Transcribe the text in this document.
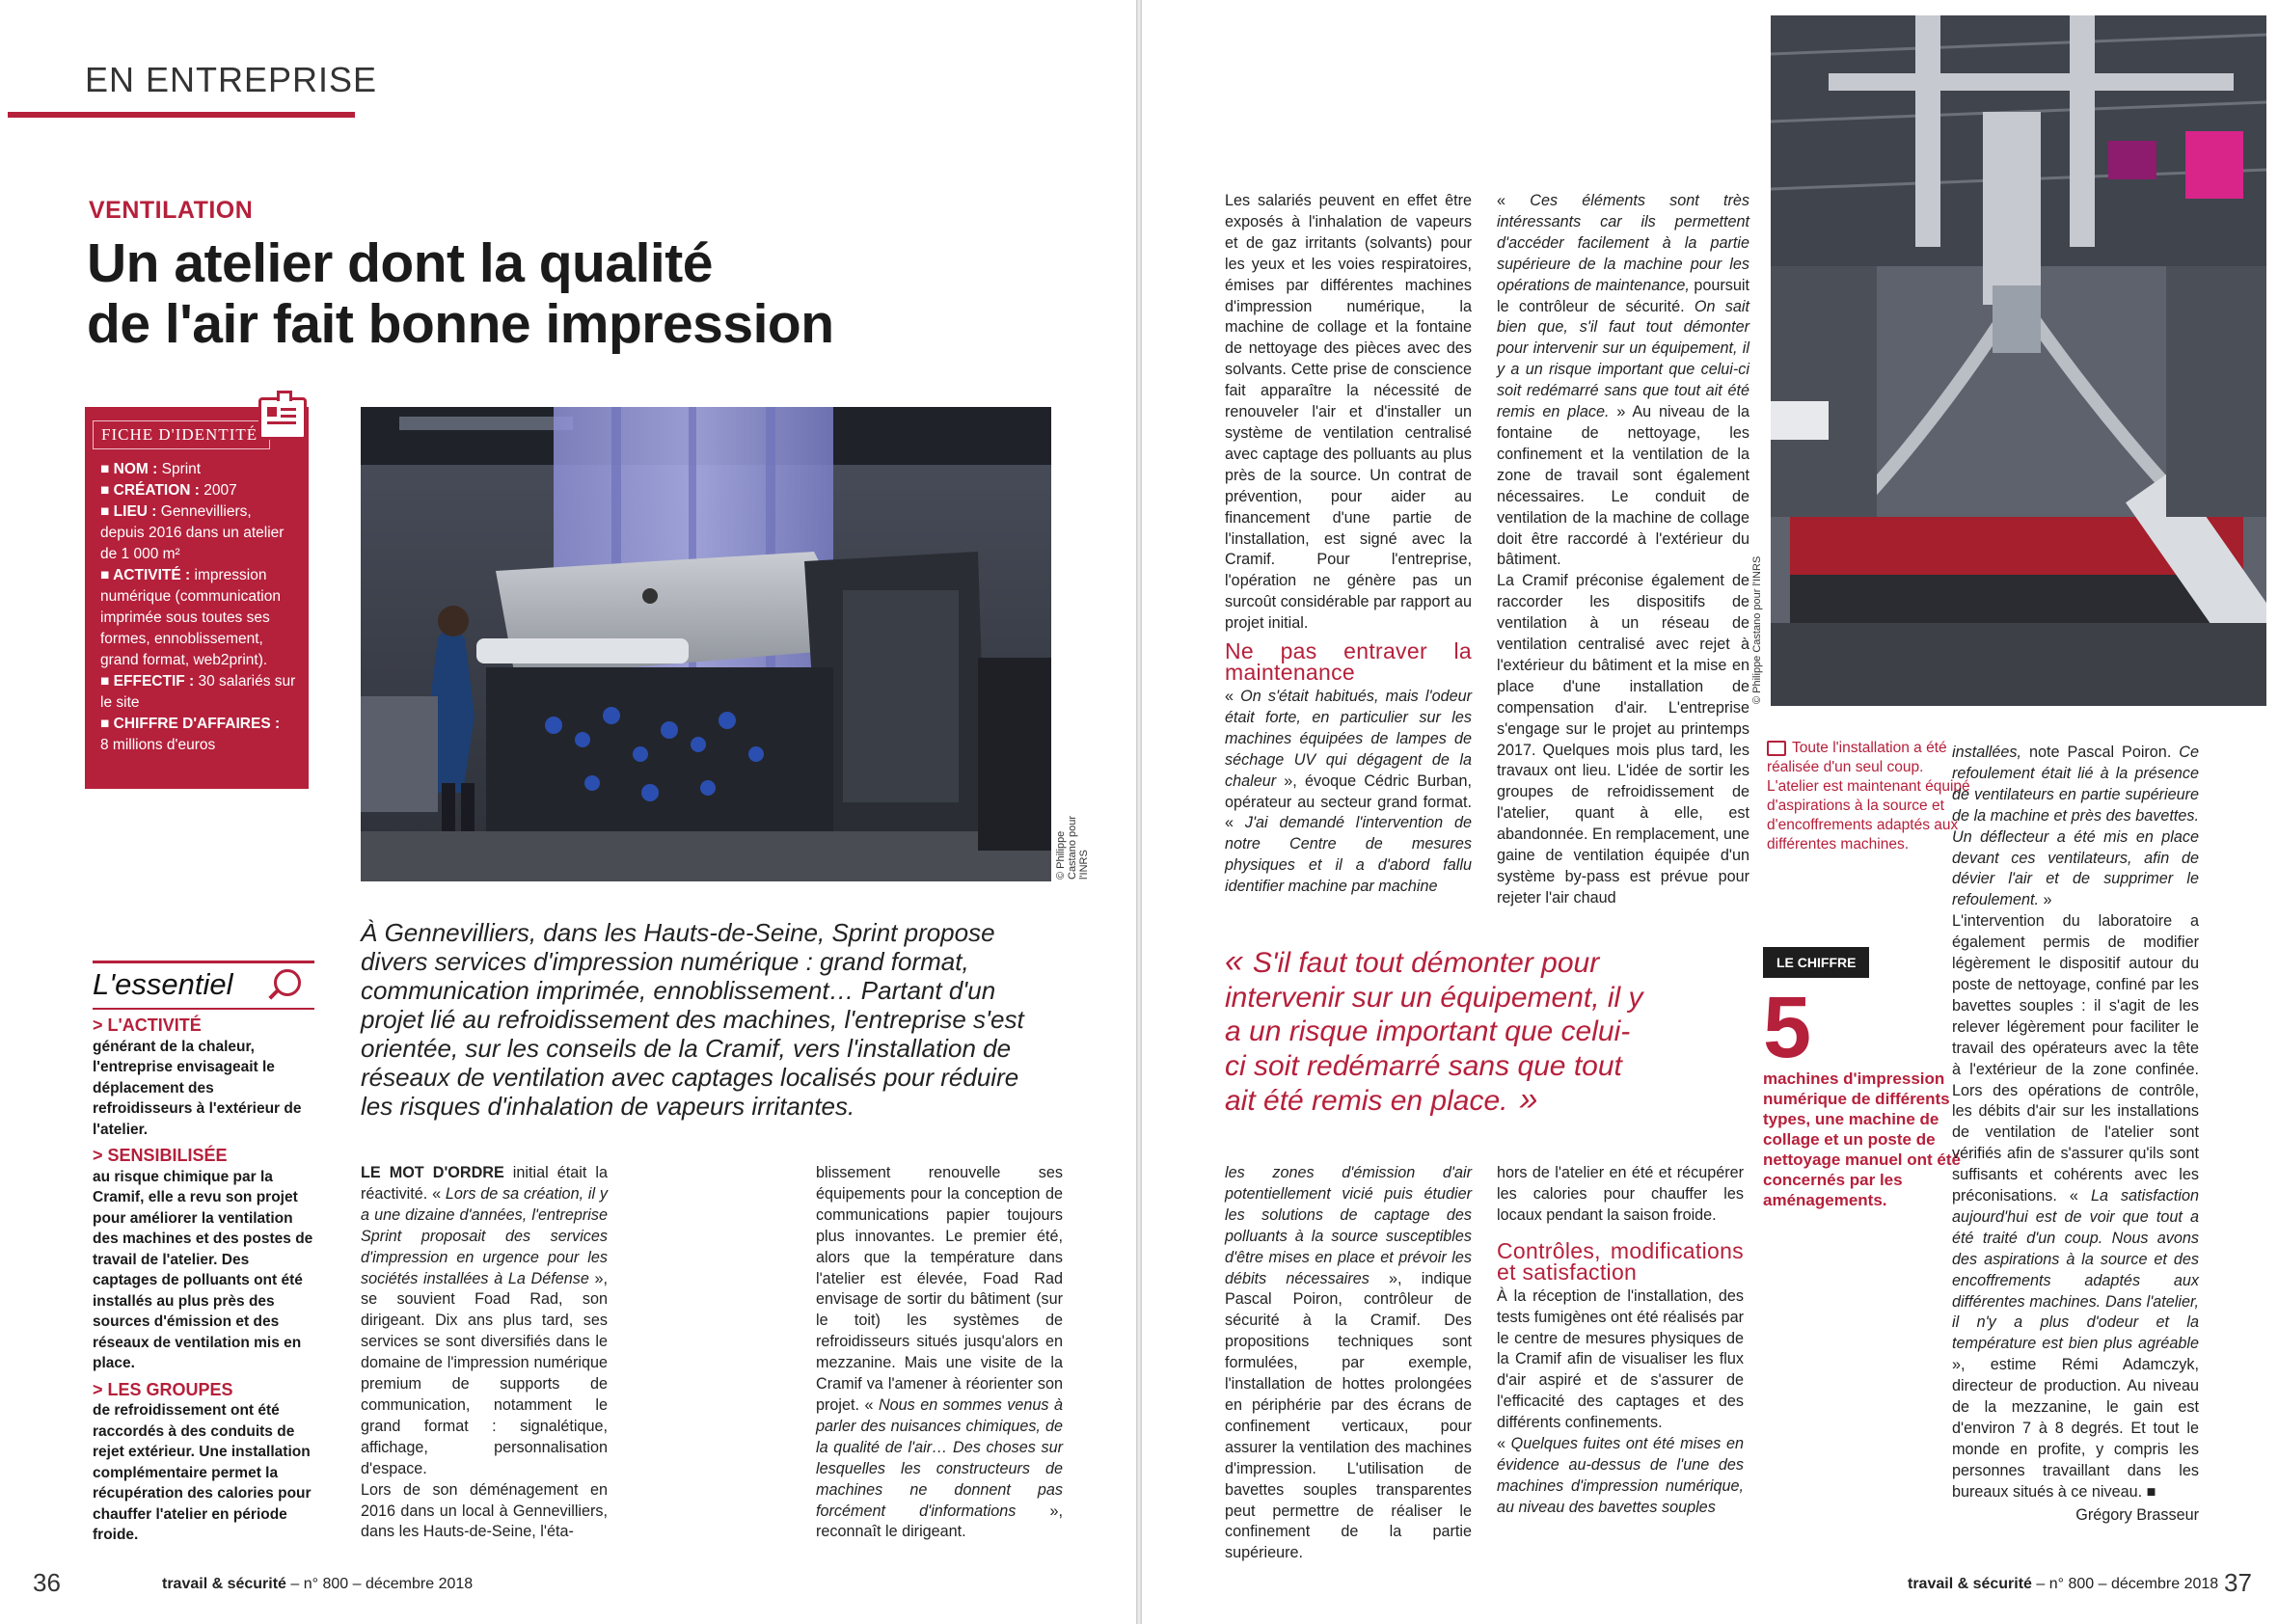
EN ENTREPRISE
VENTILATION
Un atelier dont la qualité
de l'air fait bonne impression
FICHE D'IDENTITÉ
■ NOM : Sprint
■ CRÉATION : 2007
■ LIEU : Gennevilliers, depuis 2016 dans un atelier de 1 000 m²
■ ACTIVITÉ : impression numérique (communication imprimée sous toutes ses formes, ennoblissement, grand format, web2print).
■ EFFECTIF : 30 salariés sur le site
■ CHIFFRE D'AFFAIRES :
8 millions d'euros
© Philippe Castano pour l'INRS
À Gennevilliers, dans les Hauts-de-Seine, Sprint propose divers services d'impression numérique : grand format, communication imprimée, ennoblissement… Partant d'un projet lié au refroidissement des machines, l'entreprise s'est orientée, sur les conseils de la Cramif, vers l'installation de réseaux de ventilation avec captages localisés pour réduire les risques d'inhalation de vapeurs irritantes.
L'essentiel
> L'ACTIVITÉ
générant de la chaleur, l'entreprise envisageait le déplacement des refroidisseurs à l'extérieur de l'atelier.
> SENSIBILISÉE
au risque chimique par la Cramif, elle a revu son projet pour améliorer la ventilation des machines et des postes de travail de l'atelier. Des captages de polluants ont été installés au plus près des sources d'émission et des réseaux de ventilation mis en place.
> LES GROUPES
de refroidissement ont été raccordés à des conduits de rejet extérieur. Une installation complémentaire permet la récupération des calories pour chauffer l'atelier en période froide.

LE MOT D'ORDRE initial était la réactivité. « Lors de sa création, il y a une dizaine d'années, l'entreprise Sprint proposait des services d'impression en urgence pour les sociétés installées à La Défense », se souvient Foad Rad, son dirigeant. Dix ans plus tard, ses services se sont diversifiés dans le domaine de l'impression numérique premium de supports de communication, notamment le grand format : signalétique, affichage, personnalisation d'espace.

Lors de son déménagement en 2016 dans un local à Gennevilliers, dans les Hauts-de-Seine, l'éta-

blissement renouvelle ses équipements pour la conception de communications papier toujours plus innovantes. Le premier été, alors que la température dans l'atelier est élevée, Foad Rad envisage de sortir du bâtiment (sur le toit) les systèmes de refroidisseurs situés jusqu'alors en mezzanine. Mais une visite de la Cramif va l'amener à réorienter son projet. « Nous en sommes venus à parler des nuisances chimiques, de la qualité de l'air… Des choses sur lesquelles les constructeurs de machines ne donnent pas forcément d'informations », reconnaît le dirigeant.

travail & sécurité – n° 800 – décembre 2018
36
© Philippe Castano pour l'INRS

Les salariés peuvent en effet être exposés à l'inhalation de vapeurs et de gaz irritants (solvants) pour les yeux et les voies respiratoires, émises par différentes machines d'impression numérique, la machine de collage et la fontaine de nettoyage des pièces avec des solvants. Cette prise de conscience fait apparaître la nécessité de renouveler l'air et d'installer un système de ventilation centralisé avec captage des polluants au plus près de la source. Un contrat de prévention, pour aider au financement d'une partie de l'installation, est signé avec la Cramif. Pour l'entreprise, l'opération ne génère pas un surcoût considérable par rapport au projet initial.

Ne pas entraver la maintenance

« On s'était habitués, mais l'odeur était forte, en particulier sur les machines équipées de lampes de séchage UV qui dégagent de la chaleur », évoque Cédric Burban, opérateur au secteur grand format. « J'ai demandé l'intervention de notre Centre de mesures physiques et il a d'abord fallu identifier machine par machine

« Ces éléments sont très intéressants car ils permettent d'accéder facilement à la partie supérieure de la machine pour les opérations de maintenance, poursuit le contrôleur de sécurité. On sait bien que, s'il faut tout démonter pour intervenir sur un équipement, il y a un risque important que celui-ci soit redémarré sans que tout ait été remis en place. » Au niveau de la fontaine de nettoyage, les confinement et la ventilation de la zone de travail sont également nécessaires. Le conduit de ventilation de la machine de collage doit être raccordé à l'extérieur du bâtiment.

La Cramif préconise également de raccorder les dispositifs de ventilation à un réseau de ventilation centralisé avec rejet à l'extérieur du bâtiment et la mise en place d'une installation de compensation d'air. L'entreprise s'engage sur le projet au printemps 2017. Quelques mois plus tard, les travaux ont lieu. L'idée de sortir les groupes de refroidissement de l'atelier, quant à elle, est abandonnée. En remplacement, une gaine de ventilation équipée d'un système by-pass est prévue pour rejeter l'air chaud

Toute l'installation a été réalisée d'un seul coup. L'atelier est maintenant équipé d'aspirations à la source et d'encoffrements adaptés aux différentes machines.
« S'il faut tout démonter pour intervenir sur un équipement, il y a un risque important que celui-ci soit redémarré sans que tout ait été remis en place. »
LE CHIFFRE
5
machines d'impression numérique de différents types, une machine de collage et un poste de nettoyage manuel ont été concernés par les aménagements.

les zones d'émission d'air potentiellement vicié puis étudier les solutions de captage des polluants à la source susceptibles d'être mises en place et prévoir les débits nécessaires », indique Pascal Poiron, contrôleur de sécurité à la Cramif. Des propositions techniques sont formulées, par exemple, l'installation de hottes prolongées en périphérie par des écrans de confinement verticaux, pour assurer la ventilation des machines d'impression. L'utilisation de bavettes souples transparentes peut permettre de réaliser le confinement de la partie supérieure.

hors de l'atelier en été et récupérer les calories pour chauffer les locaux pendant la saison froide.

Contrôles, modifications et satisfaction

À la réception de l'installation, des tests fumigènes ont été réalisés par le centre de mesures physiques de la Cramif afin de visualiser les flux d'air aspiré et de s'assurer de l'efficacité des captages et des différents confinements.

« Quelques fuites ont été mises en évidence au-dessus de l'une des machines d'impression numérique, au niveau des bavettes souples

installées, note Pascal Poiron. Ce refoulement était lié à la présence de ventilateurs en partie supérieure de la machine et près des bavettes. Un déflecteur a été mis en place devant ces ventilateurs, afin de dévier l'air et de supprimer le refoulement. »

L'intervention du laboratoire a également permis de modifier légèrement le dispositif autour du poste de nettoyage, confiné par les bavettes souples : il s'agit de les relever légèrement pour faciliter le travail des opérateurs avec la tête à l'extérieur de la zone confinée. Lors des opérations de contrôle, les débits d'air sur les installations de ventilation de l'atelier sont vérifiés afin de s'assurer qu'ils sont suffisants et cohérents avec les préconisations. « La satisfaction aujourd'hui est de voir que tout a été traité d'un coup. Nous avons des aspirations à la source et des encoffrements adaptés aux différentes machines. Dans l'atelier, il n'y a plus d'odeur et la température est bien plus agréable », estime Rémi Adamczyk, directeur de production. Au niveau de la mezzanine, le gain est d'environ 7 à 8 degrés. Et tout le monde en profite, y compris les personnes travaillant dans les bureaux situés à ce niveau. ■

Grégory Brasseur

travail & sécurité – n° 800 – décembre 2018 37
